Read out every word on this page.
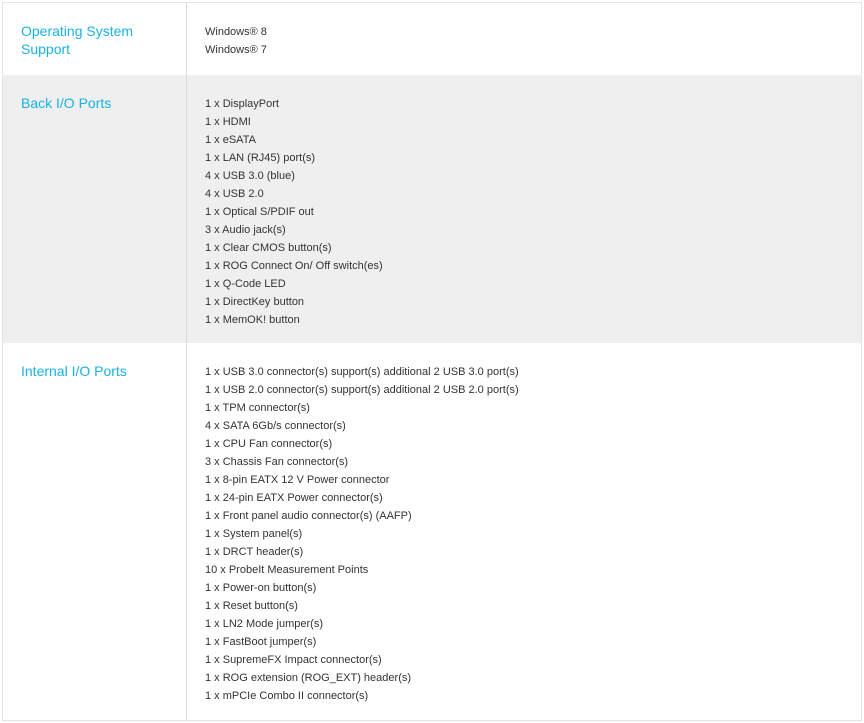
Operating System Support
Windows® 8
Windows® 7
Back I/O Ports	1 x DisplayPort
1 x HDMI
1 x eSATA
1 x LAN (RJ45) port(s)
4 x USB 3.0 (blue)
4 x USB 2.0
1 x Optical S/PDIF out
3 x Audio jack(s)
1 x Clear CMOS button(s)
1 x ROG Connect On/ Off switch(es)
1 x Q-Code LED
1 x DirectKey button
1 x MemOK! button
Internal I/O Ports	1 x USB 3.0 connector(s) support(s) additional 2 USB 3.0 port(s)
1 x USB 2.0 connector(s) support(s) additional 2 USB 2.0 port(s)
1 x TPM connector(s)
4 x SATA 6Gb/s connector(s)
1 x CPU Fan connector(s)
3 x Chassis Fan connector(s)
1 x 8-pin EATX 12 V Power connector
1 x 24-pin EATX Power connector(s)
1 x Front panel audio connector(s) (AAFP)
1 x System panel(s)
1 x DRCT header(s)
10 x ProbeIt Measurement Points
1 x Power-on button(s)
1 x Reset button(s)
1 x LN2 Mode jumper(s)
1 x FastBoot jumper(s)
1 x SupremeFX Impact connector(s)
1 x ROG extension (ROG_EXT) header(s)
1 x mPCIe Combo II connector(s)
